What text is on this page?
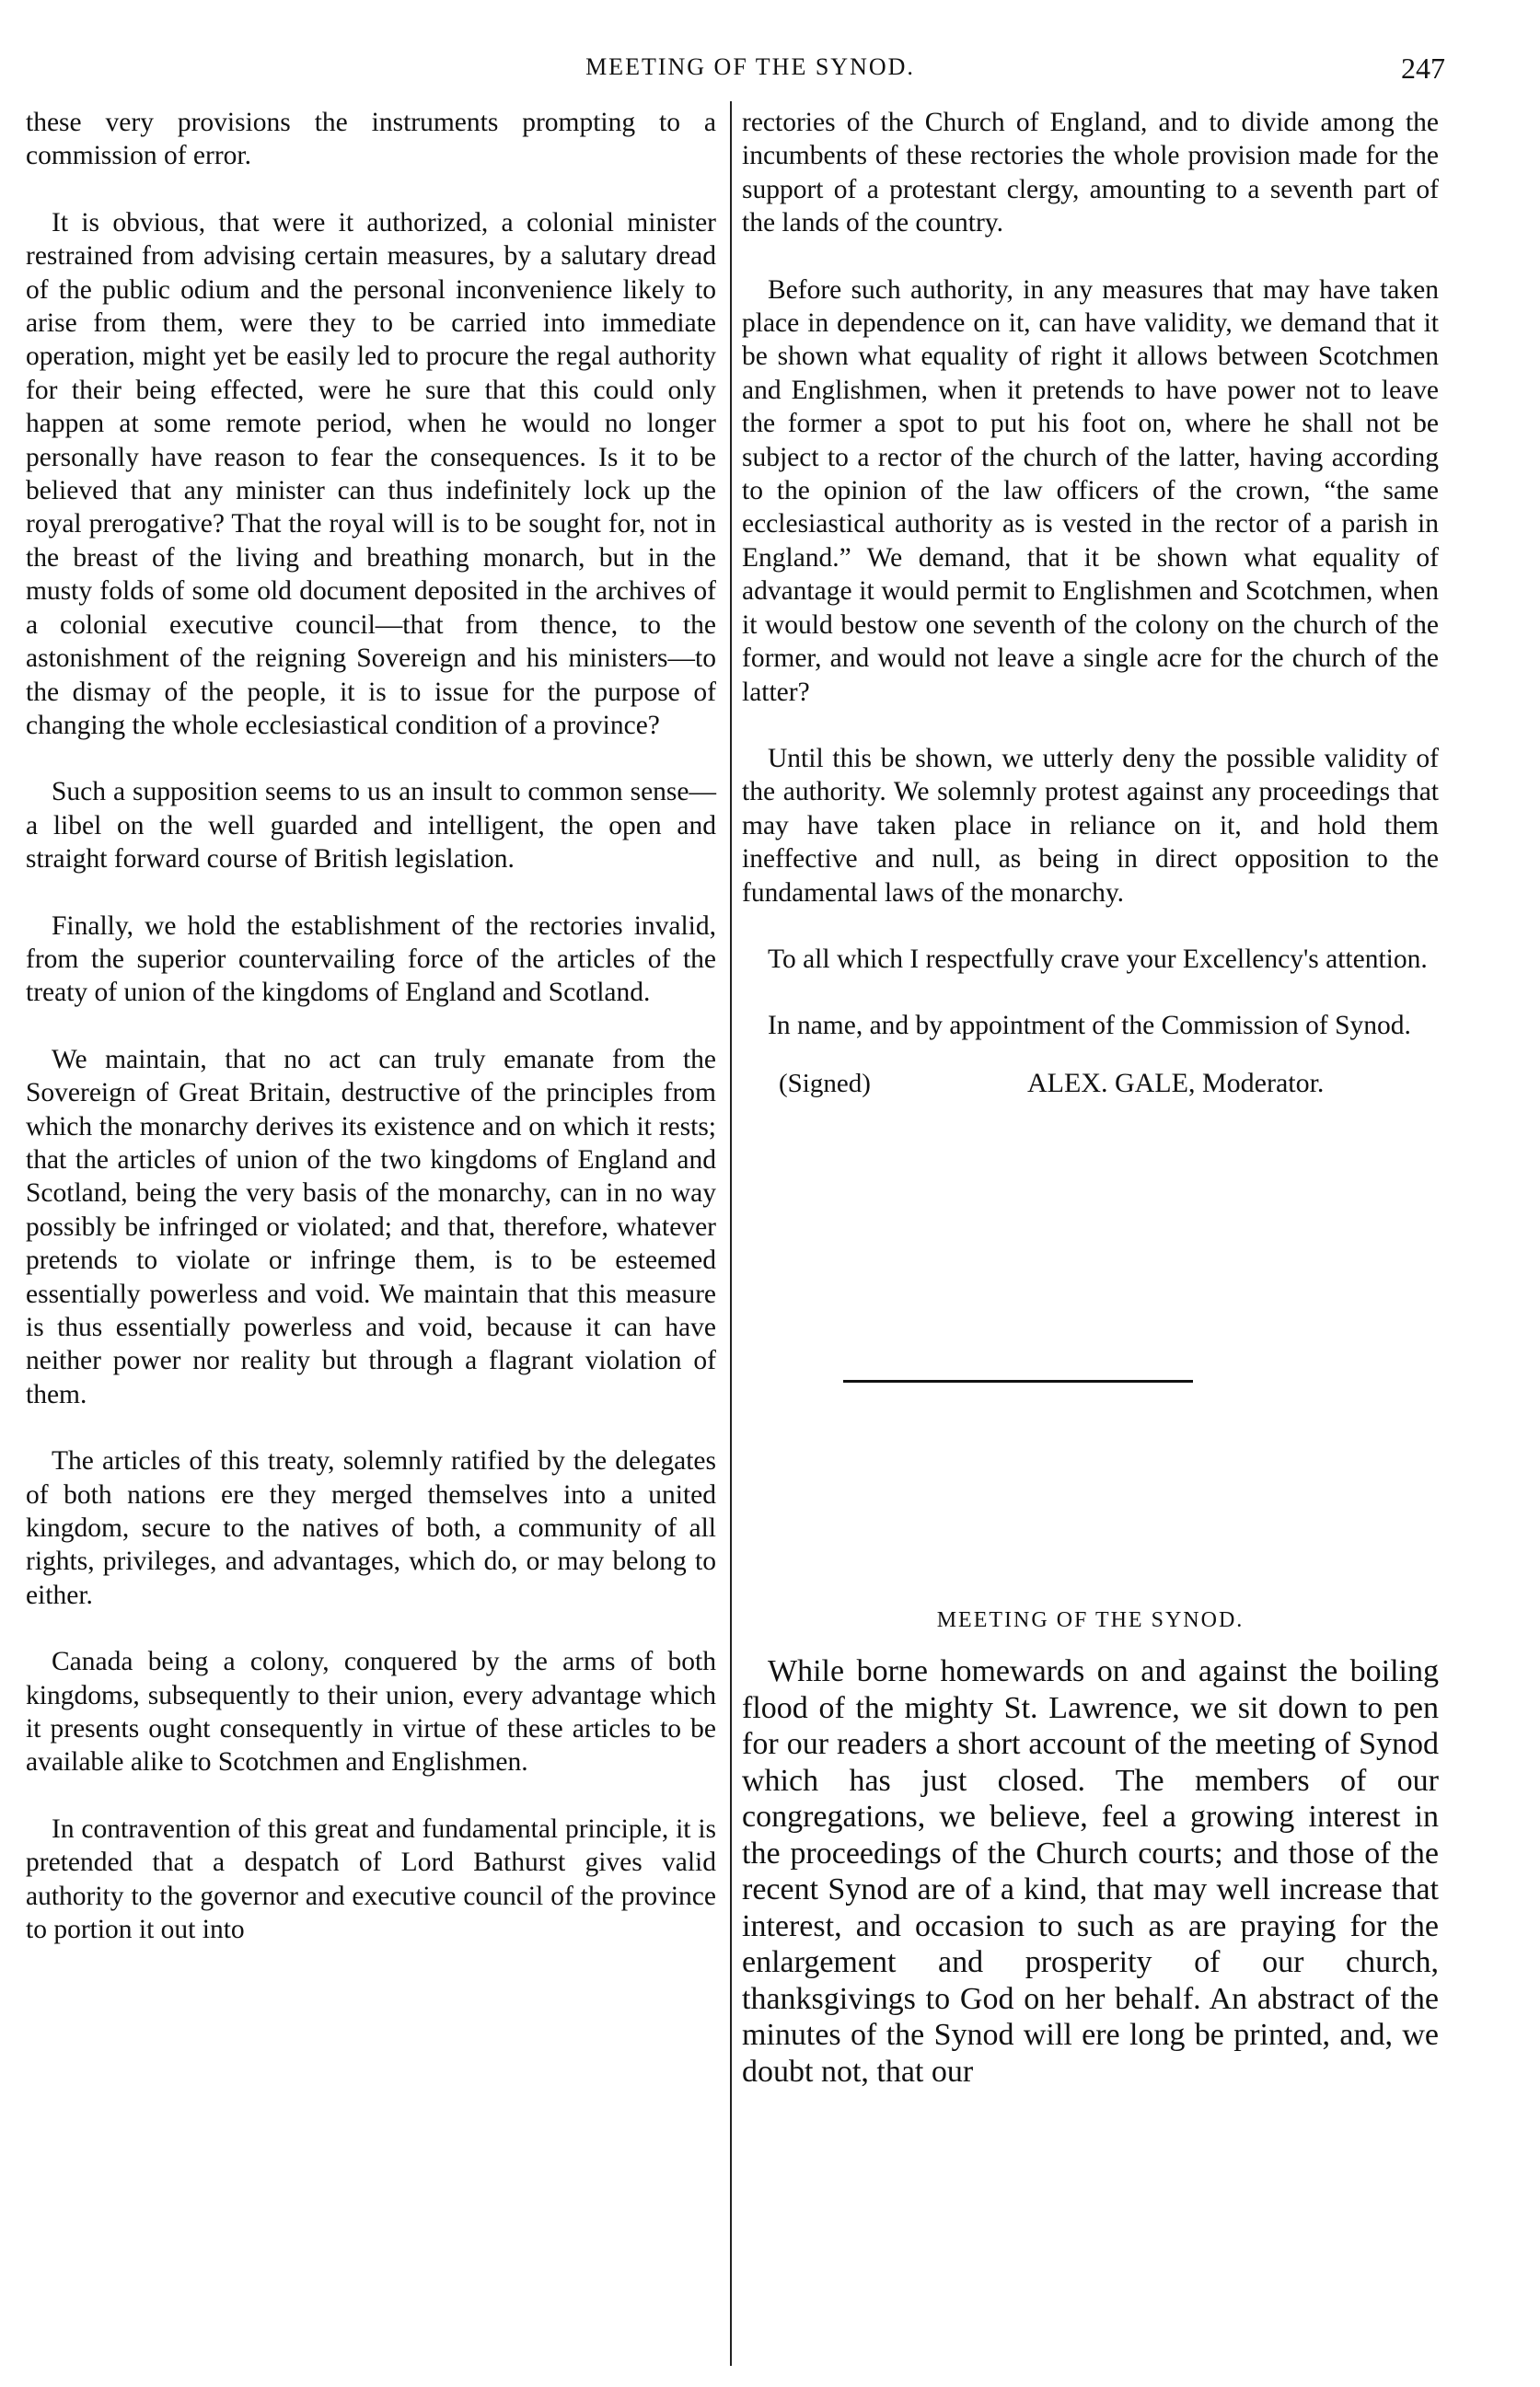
MEETING OF THE SYNOD.	247

these very provisions the instruments prompting to a commission of error.

It is obvious, that were it authorized, a colonial minister restrained from advising certain measures, by a salutary dread of the public odium and the personal inconvenience likely to arise from them, were they to be carried into immediate operation, might yet be easily led to procure the regal authority for their being effected, were he sure that this could only happen at some remote period, when he would no longer personally have reason to fear the consequences. Is it to be believed that any minister can thus indefinitely lock up the royal prerogative? That the royal will is to be sought for, not in the breast of the living and breathing monarch, but in the musty folds of some old document deposited in the archives of a colonial executive council—that from thence, to the astonishment of the reigning Sovereign and his ministers—to the dismay of the people, it is to issue for the purpose of changing the whole ecclesiastical condition of a province?

Such a supposition seems to us an insult to common sense—a libel on the well guarded and intelligent, the open and straight forward course of British legislation.

Finally, we hold the establishment of the rectories invalid, from the superior countervailing force of the articles of the treaty of union of the kingdoms of England and Scotland.

We maintain, that no act can truly emanate from the Sovereign of Great Britain, destructive of the principles from which the monarchy derives its existence and on which it rests; that the articles of union of the two kingdoms of England and Scotland, being the very basis of the monarchy, can in no way possibly be infringed or violated; and that, therefore, whatever pretends to violate or infringe them, is to be esteemed essentially powerless and void. We maintain that this measure is thus essentially powerless and void, because it can have neither power nor reality but through a flagrant violation of them.

The articles of this treaty, solemnly ratified by the delegates of both nations ere they merged themselves into a united kingdom, secure to the natives of both, a community of all rights, privileges, and advantages, which do, or may belong to either.

Canada being a colony, conquered by the arms of both kingdoms, subsequently to their union, every advantage which it presents ought consequently in virtue of these articles to be available alike to Scotchmen and Englishmen.

In contravention of this great and fundamental principle, it is pretended that a despatch of Lord Bathurst gives valid authority to the governor and executive council of the province to portion it out into

rectories of the Church of England, and to divide among the incumbents of these rectories the whole provision made for the support of a protestant clergy, amounting to a seventh part of the lands of the country.

Before such authority, in any measures that may have taken place in dependence on it, can have validity, we demand that it be shown what equality of right it allows between Scotchmen and Englishmen, when it pretends to have power not to leave the former a spot to put his foot on, where he shall not be subject to a rector of the church of the latter, having according to the opinion of the law officers of the crown, “the same ecclesiastical authority as is vested in the rector of a parish in England.” We demand, that it be shown what equality of advantage it would permit to Englishmen and Scotchmen, when it would bestow one seventh of the colony on the church of the former, and would not leave a single acre for the church of the latter?

Until this be shown, we utterly deny the possible validity of the authority. We solemnly protest against any proceedings that may have taken place in reliance on it, and hold them ineffective and null, as being in direct opposition to the fundamental laws of the monarchy.

To all which I respectfully crave your Excellency's attention.

In name, and by appointment of the Commission of Synod.

(Signed)	ALEX. GALE, Moderator.
MEETING OF THE SYNOD.

While borne homewards on and against the boiling flood of the mighty St. Lawrence, we sit down to pen for our readers a short account of the meeting of Synod which has just closed. The members of our congregations, we believe, feel a growing interest in the proceedings of the Church courts; and those of the recent Synod are of a kind, that may well increase that interest, and occasion to such as are praying for the enlargement and prosperity of our church, thanksgivings to God on her behalf. An abstract of the minutes of the Synod will ere long be printed, and, we doubt not, that our
